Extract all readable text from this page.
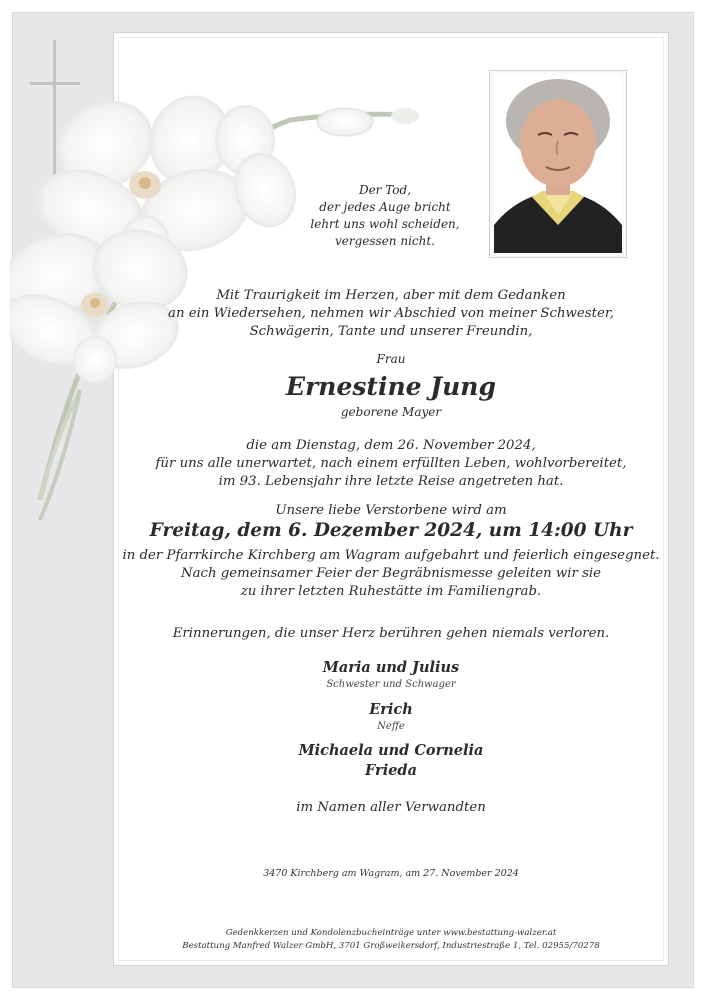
Der Tod,
der jedes Auge bricht
lehrt uns wohl scheiden,
vergessen nicht.
Mit Traurigkeit im Herzen, aber mit dem Gedanken
an ein Wiedersehen, nehmen wir Abschied von meiner Schwester,
Schwägerin, Tante und unserer Freundin,
Frau
Ernestine Jung
geborene Mayer
die am Dienstag, dem 26. November 2024,
für uns alle unerwartet, nach einem erfüllten Leben, wohlvorbereitet,
im 93. Lebensjahr ihre letzte Reise angetreten hat.
Unsere liebe Verstorbene wird am
Freitag, dem 6. Dezember 2024, um 14:00 Uhr
in der Pfarrkirche Kirchberg am Wagram aufgebahrt und feierlich eingesegnet.
Nach gemeinsamer Feier der Begräbnismesse geleiten wir sie
zu ihrer letzten Ruhestätte im Familiengrab.
Erinnerungen, die unser Herz berühren gehen niemals verloren.
Maria und Julius
Schwester und Schwager
Erich
Neffe
Michaela und Cornelia
Frieda
im Namen aller Verwandten
3470 Kirchberg am Wagram, am 27. November 2024
Gedenkkerzen und Kondolenzbucheinträge unter www.bestattung-walzer.at
Bestattung Manfred Walzer GmbH, 3701 Großweikersdorf, Industriestraße 1, Tel. 02955/70278
